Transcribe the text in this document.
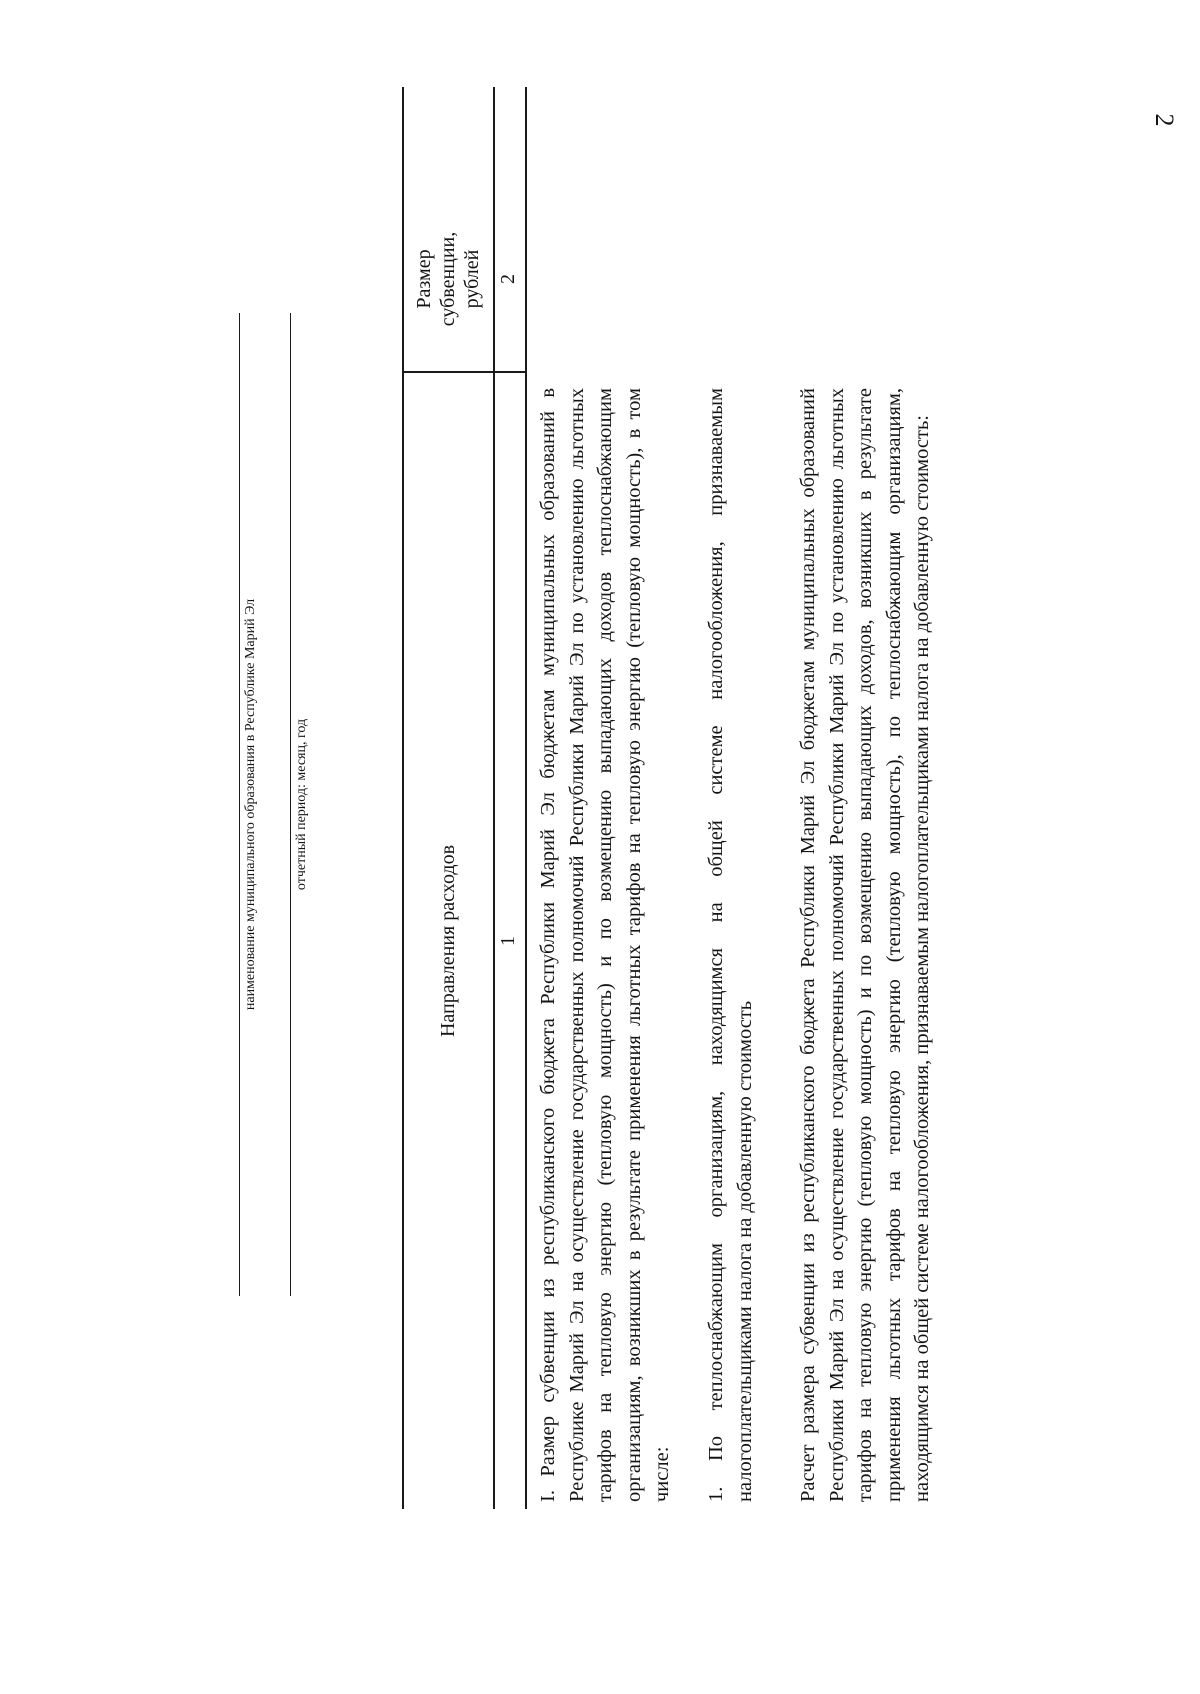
2
наименование муниципального образования в Республике Марий Эл	отчетный период: месяц, год
Направления расходов
Размер субвенции, рублей
1
2
I. Размер субвенции из республиканского бюджета Республики Марий Эл бюджетам муниципальных образований в Республике Марий Эл на осуществление государственных полномочий Республики Марий Эл по установлению льготных тарифов на тепловую энергию (тепловую мощность) и по возмещению выпадающих доходов теплоснабжающим организациям, возникших в результате применения льготных тарифов на тепловую энергию (тепловую мощность), в том числе: 1. По теплоснабжающим организациям, находящимся на общей системе налогообложения, признаваемым налогоплательщиками налога на добавленную стоимость Расчет размера субвенции из республиканского бюджета Республики Марий Эл бюджетам муниципальных образований Республики Марий Эл на осуществление государственных полномочий Республики Марий Эл по установлению льготных тарифов на тепловую энергию (тепловую мощность) и по возмещению выпадающих доходов, возникших в результате применения льготных тарифов на тепловую энергию (тепловую мощность), по теплоснабжающим организациям, находящимся на общей системе налогообложения, признаваемым налогоплательщиками налога на добавленную стоимость:
